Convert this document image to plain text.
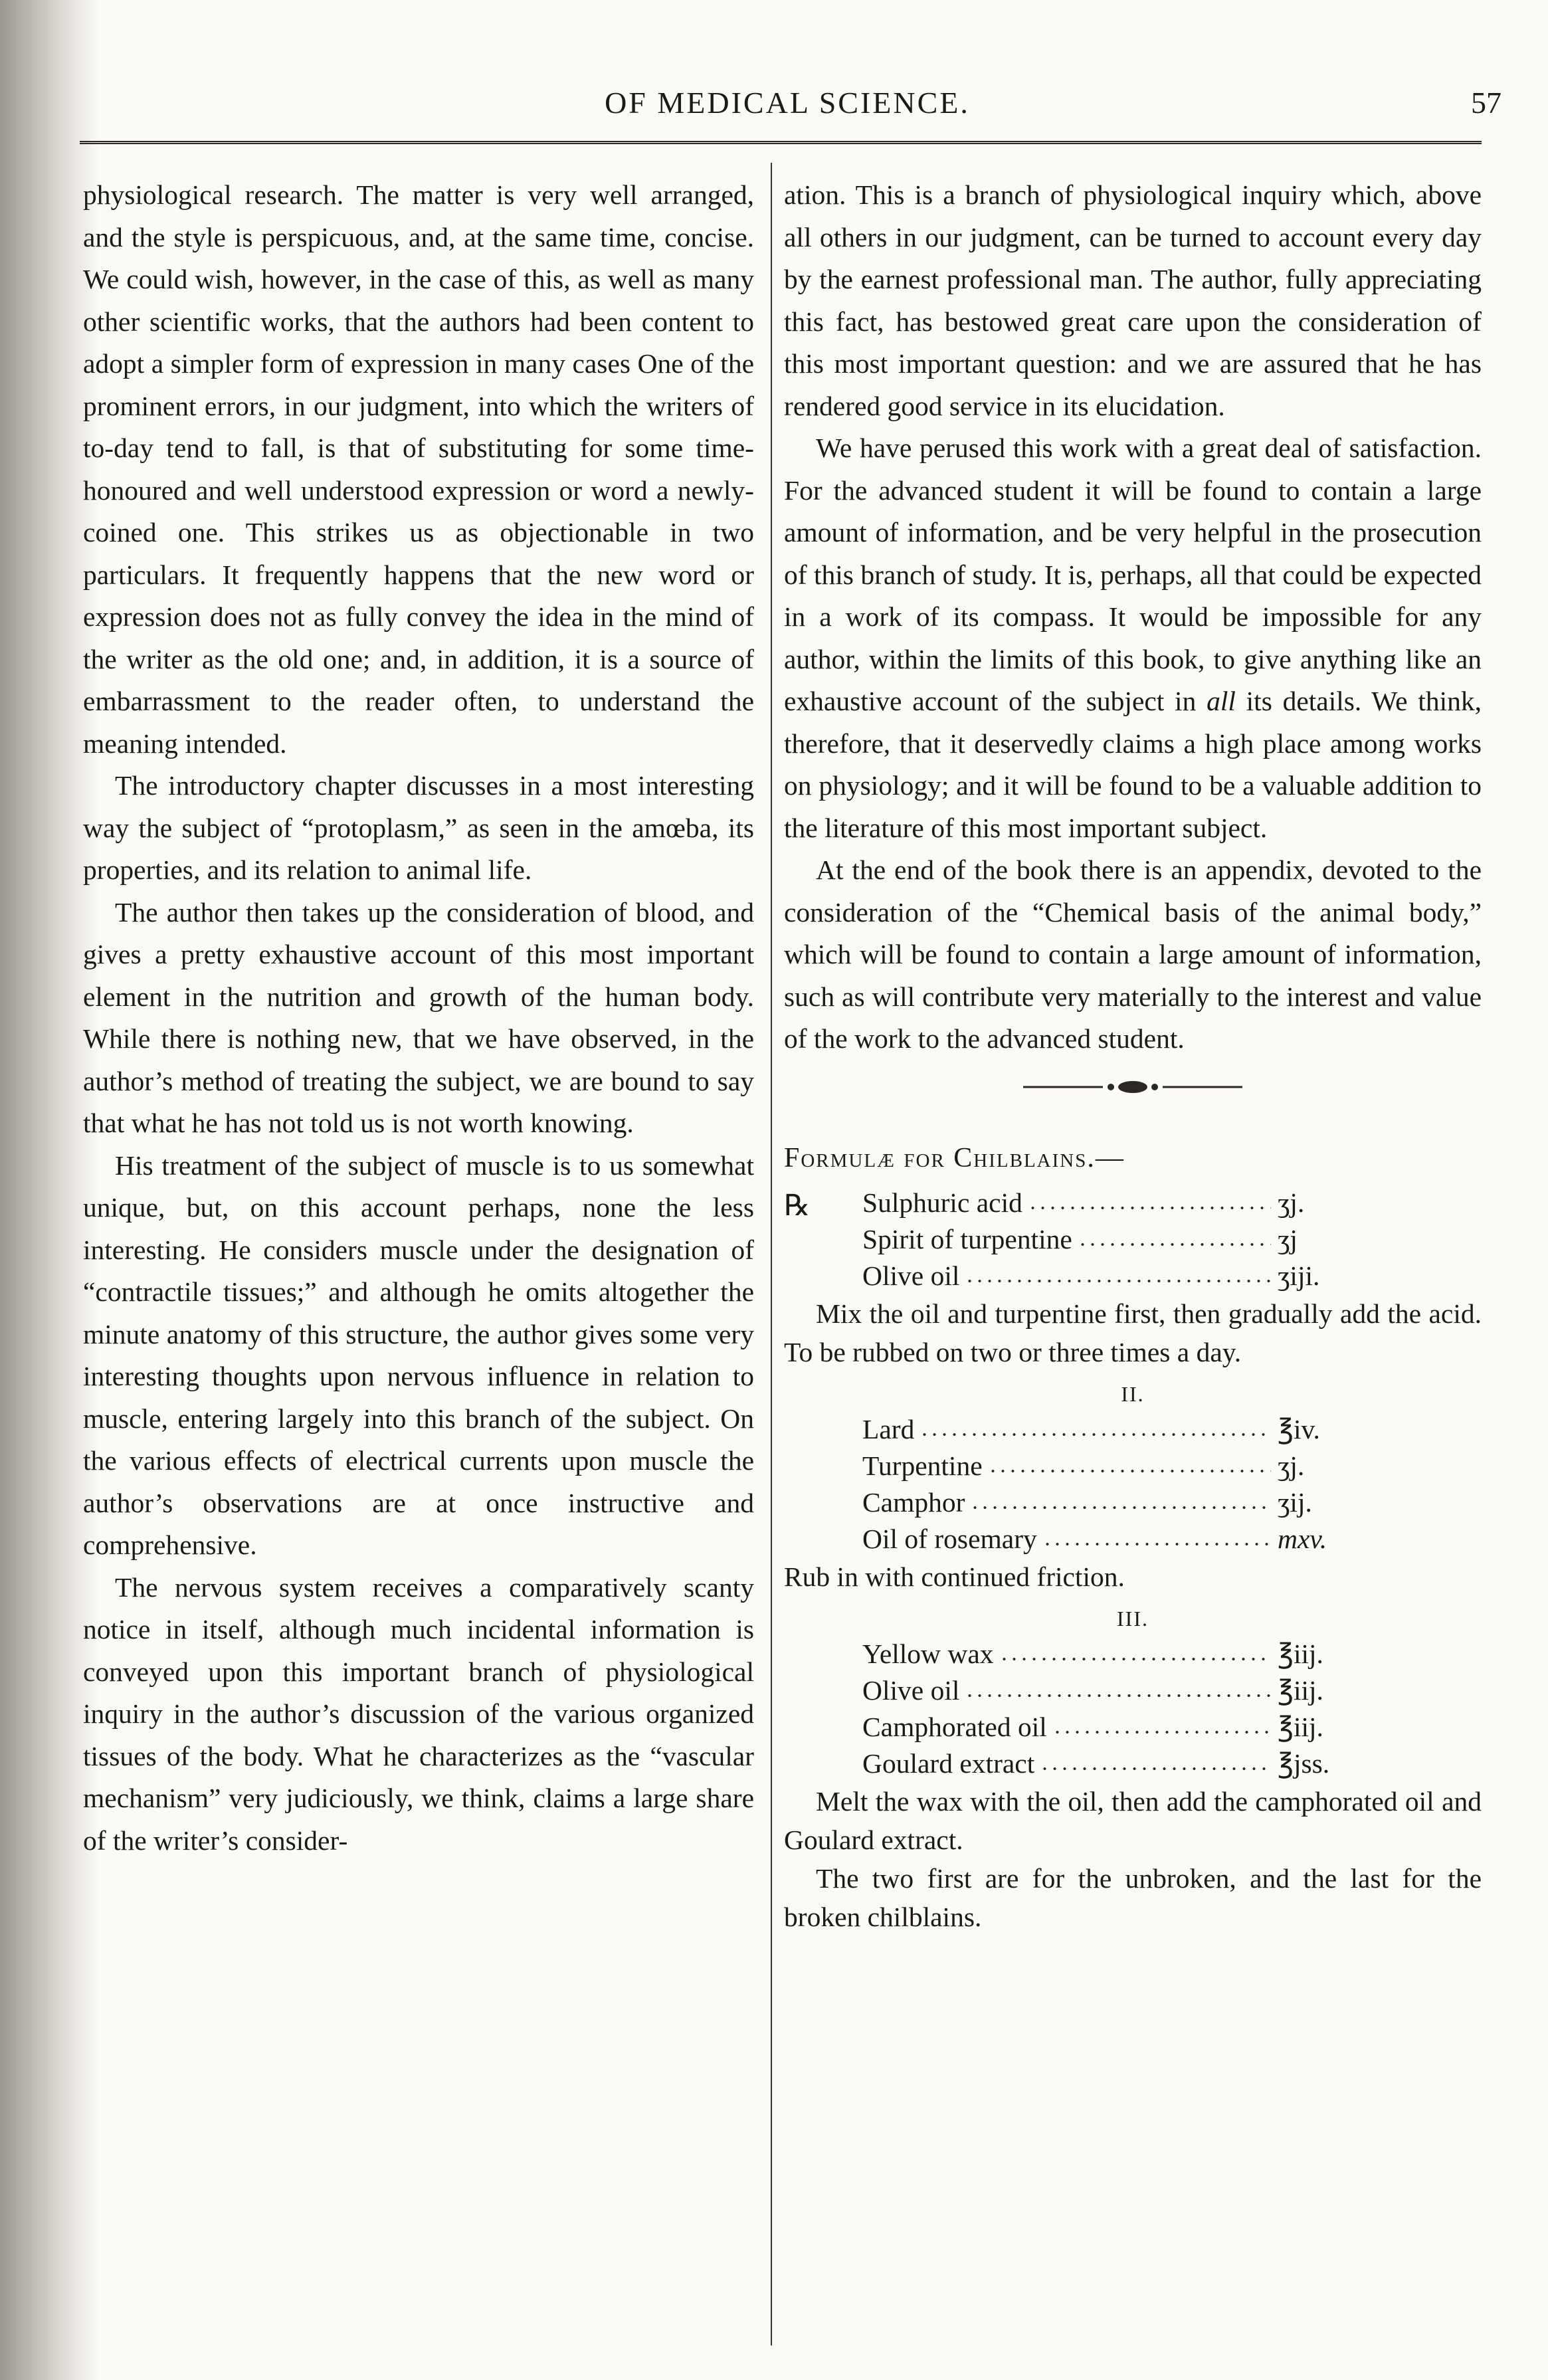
OF MEDICAL SCIENCE.	57

physiological research. The matter is very well arranged, and the style is perspicuous, and, at the same time, concise. We could wish, however, in the case of this, as well as many other scientific works, that the authors had been content to adopt a simpler form of expression in many cases One of the prominent errors, in our judgment, into which the writers of to-day tend to fall, is that of substituting for some time-honoured and well understood expression or word a newly-coined one. This strikes us as objectionable in two particulars. It frequently happens that the new word or expression does not as fully convey the idea in the mind of the writer as the old one; and, in addition, it is a source of embarrassment to the reader often, to understand the meaning intended.

The introductory chapter discusses in a most interesting way the subject of “protoplasm,” as seen in the amœba, its properties, and its relation to animal life.

The author then takes up the consideration of blood, and gives a pretty exhaustive account of this most important element in the nutrition and growth of the human body. While there is nothing new, that we have observed, in the author’s method of treating the subject, we are bound to say that what he has not told us is not worth knowing.

His treatment of the subject of muscle is to us somewhat unique, but, on this account perhaps, none the less interesting. He considers muscle under the designation of “contractile tissues;” and although he omits altogether the minute anatomy of this structure, the author gives some very interesting thoughts upon nervous influence in relation to muscle, entering largely into this branch of the subject. On the various effects of electrical currents upon muscle the author’s observations are at once instructive and comprehensive.

The nervous system receives a comparatively scanty notice in itself, although much incidental information is conveyed upon this important branch of physiological inquiry in the author’s discussion of the various organized tissues of the body. What he characterizes as the “vascular mechanism” very judiciously, we think, claims a large share of the writer’s consider-

ation. This is a branch of physiological inquiry which, above all others in our judgment, can be turned to account every day by the earnest professional man. The author, fully appreciating this fact, has bestowed great care upon the consideration of this most important question: and we are assured that he has rendered good service in its elucidation.

We have perused this work with a great deal of satisfaction. For the advanced student it will be found to contain a large amount of information, and be very helpful in the prosecution of this branch of study. It is, perhaps, all that could be expected in a work of its compass. It would be impossible for any author, within the limits of this book, to give anything like an exhaustive account of the subject in all its details. We think, therefore, that it deservedly claims a high place among works on physiology; and it will be found to be a valuable addition to the literature of this most important subject.

At the end of the book there is an appendix, devoted to the consideration of the “Chemical basis of the animal body,” which will be found to contain a large amount of information, such as will contribute very materially to the interest and value of the work to the advanced student.

Formulæ for Chilblains.—
℞ Sulphuric acid	ʒj.
Spirit of turpentine	ʒj
Olive oil	ʒiji.

Mix the oil and turpentine first, then gradually add the acid. To be rubbed on two or three times a day.

II.
Lard	℥iv.
Turpentine	ʒj.
Camphor	ʒij.
Oil of rosemary	mxv.

Rub in with continued friction.

III.
Yellow wax	℥iij.
Olive oil	℥iij.
Camphorated oil	℥iij.
Goulard extract	℥jss.

Melt the wax with the oil, then add the camphorated oil and Goulard extract.

The two first are for the unbroken, and the last for the broken chilblains.
